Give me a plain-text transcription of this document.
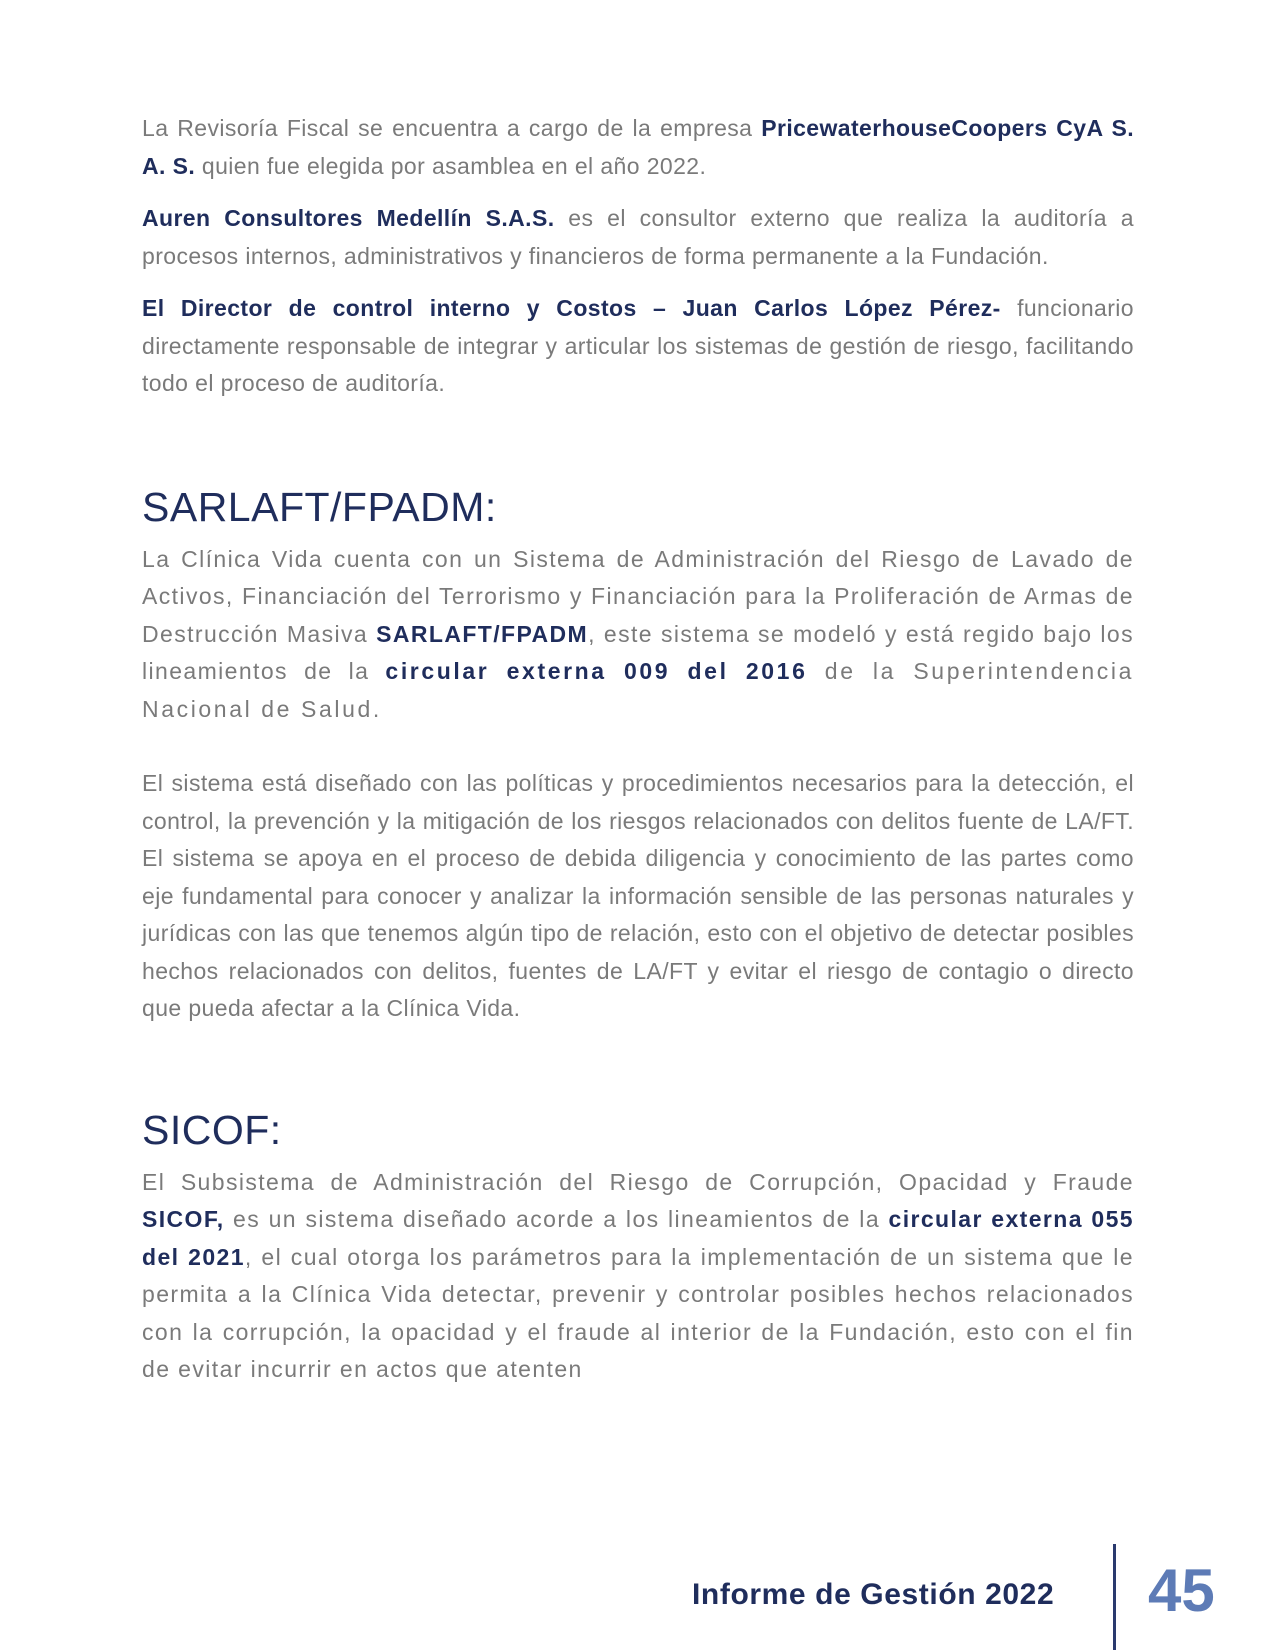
La Revisoría Fiscal se encuentra a cargo de la empresa PricewaterhouseCoopers CyA S. A. S. quien fue elegida por asamblea en el año 2022.

Auren Consultores Medellín S.A.S. es el consultor externo que realiza la auditoría a procesos internos, administrativos y financieros de forma permanente a la Fundación.

El Director de control interno y Costos – Juan Carlos López Pérez- funcionario directamente responsable de integrar y articular los sistemas de gestión de riesgo, facilitando todo el proceso de auditoría.

SARLAFT/FPADM:

La Clínica Vida cuenta con un Sistema de Administración del Riesgo de Lavado de Activos, Financiación del Terrorismo y Financiación para la Proliferación de Armas de Destrucción Masiva SARLAFT/FPADM, este sistema se modeló y está regido bajo los lineamientos de la circular externa 009 del 2016 de la Superintendencia Nacional de Salud.

El sistema está diseñado con las políticas y procedimientos necesarios para la detección, el control, la prevención y la mitigación de los riesgos relacionados con delitos fuente de LA/FT. El sistema se apoya en el proceso de debida diligencia y conocimiento de las partes como eje fundamental para conocer y analizar la información sensible de las personas naturales y jurídicas con las que tenemos algún tipo de relación, esto con el objetivo de detectar posibles hechos relacionados con delitos, fuentes de LA/FT y evitar el riesgo de contagio o directo que pueda afectar a la Clínica Vida.

SICOF:

El Subsistema de Administración del Riesgo de Corrupción, Opacidad y Fraude SICOF, es un sistema diseñado acorde a los lineamientos de la circular externa 055 del 2021, el cual otorga los parámetros para la implementación de un sistema que le permita a la Clínica Vida detectar, prevenir y controlar posibles hechos relacionados con la corrupción, la opacidad y el fraude al interior de la Fundación, esto con el fin de evitar incurrir en actos que atenten

Informe de Gestión 2022 45
